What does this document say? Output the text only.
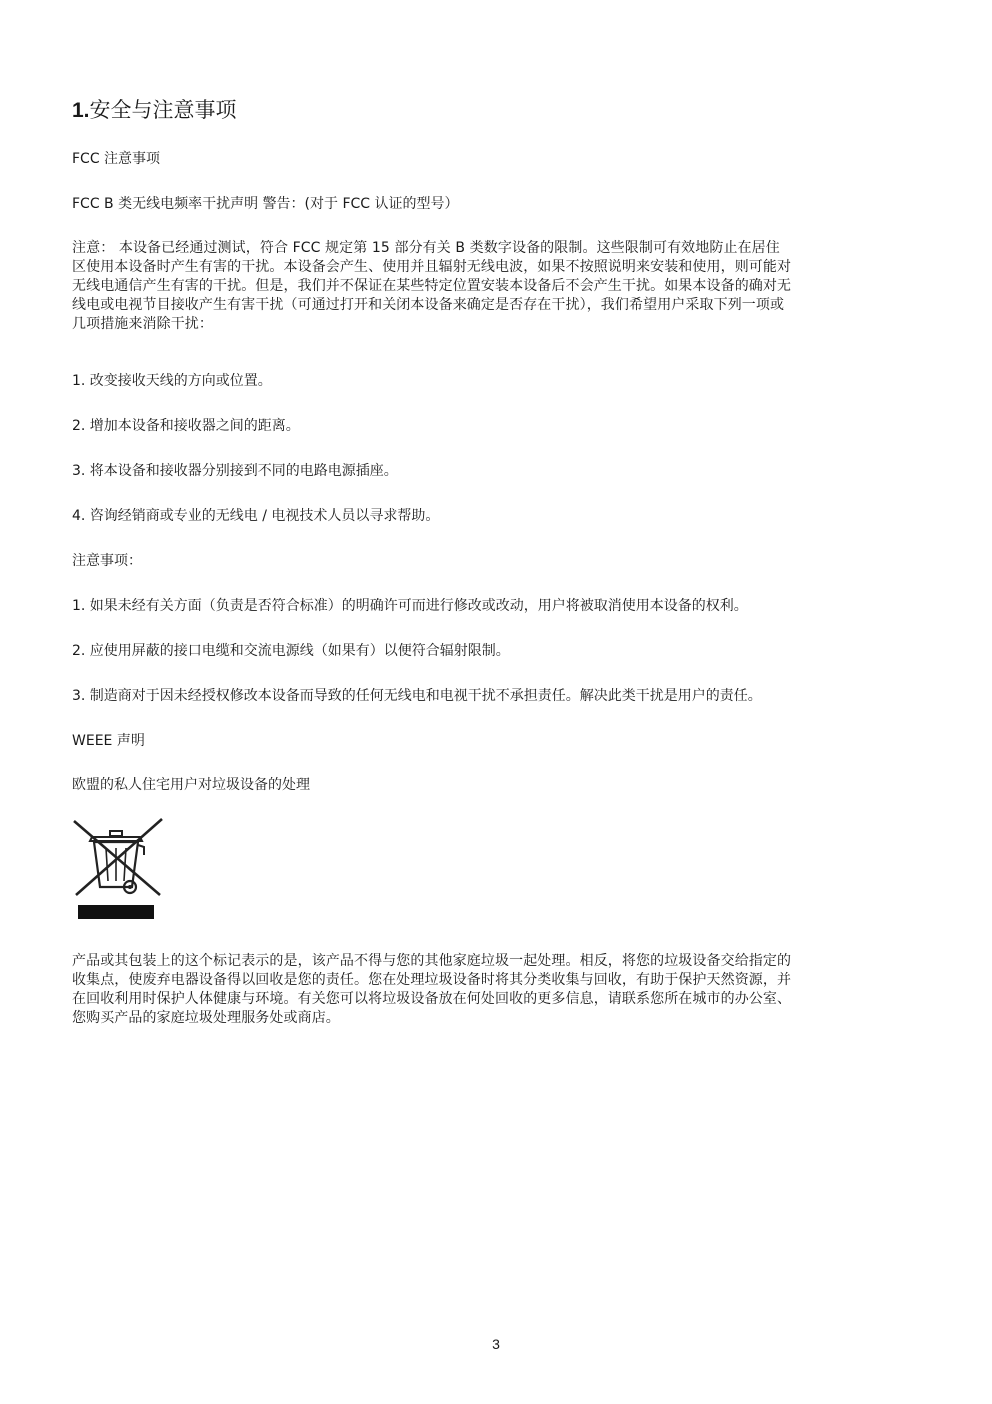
1.安全与注意事项

FCC 注意事项

FCC B 类无线电频率干扰声明 警告：(对于 FCC 认证的型号）

注意： 本设备已经通过测试，符合 FCC 规定第 15 部分有关 B 类数字设备的限制。这些限制可有效地防止在居住
区使用本设备时产生有害的干扰。本设备会产生、使用并且辐射无线电波，如果不按照说明来安装和使用，则可能对
无线电通信产生有害的干扰。但是，我们并不保证在某些特定位置安装本设备后不会产生干扰。如果本设备的确对无
线电或电视节目接收产生有害干扰（可通过打开和关闭本设备来确定是否存在干扰），我们希望用户采取下列一项或
几项措施来消除干扰：

1. 改变接收天线的方向或位置。

2. 增加本设备和接收器之间的距离。

3. 将本设备和接收器分别接到不同的电路电源插座。

4. 咨询经销商或专业的无线电 / 电视技术人员以寻求帮助。

注意事项：

1. 如果未经有关方面（负责是否符合标准）的明确许可而进行修改或改动，用户将被取消使用本设备的权利。

2. 应使用屏蔽的接口电缆和交流电源线（如果有）以便符合辐射限制。

3. 制造商对于因未经授权修改本设备而导致的任何无线电和电视干扰不承担责任。解决此类干扰是用户的责任。

WEEE 声明

欧盟的私人住宅用户对垃圾设备的处理

产品或其包装上的这个标记表示的是，该产品不得与您的其他家庭垃圾一起处理。相反，将您的垃圾设备交给指定的
收集点，使废弃电器设备得以回收是您的责任。您在处理垃圾设备时将其分类收集与回收，有助于保护天然资源，并
在回收利用时保护人体健康与环境。有关您可以将垃圾设备放在何处回收的更多信息，请联系您所在城市的办公室、
您购买产品的家庭垃圾处理服务处或商店。
3
